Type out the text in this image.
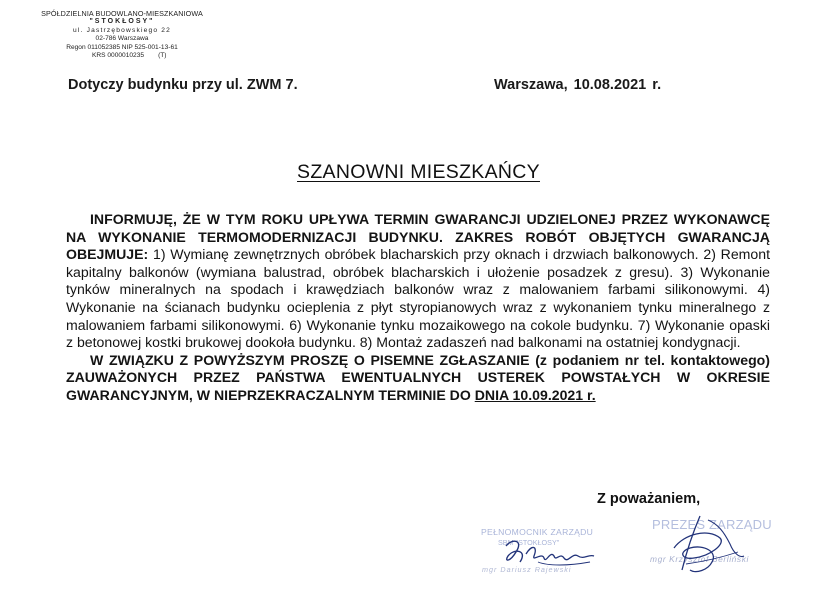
SPÓŁDZIELNIA BUDOWLANO-MIESZKANIOWA
"STOKŁOSY"
ul. Jastrzębowskiego 22
02-786 Warszawa
Regon 011052385 NIP 525-001-13-61
KRS 0000010235 (T)
Dotyczy budynku przy ul. ZWM 7.	Warszawa, 10.08.2021 r.
SZANOWNI MIESZKAŃCY

INFORMUJĘ, ŻE W TYM ROKU UPŁYWA TERMIN GWARANCJI UDZIELONEJ PRZEZ WYKONAWCĘ NA WYKONANIE TERMOMODERNIZACJI BUDYNKU. ZAKRES ROBÓT OBJĘTYCH GWARANCJĄ OBEJMUJE: 1) Wymianę zewnętrznych obróbek blacharskich przy oknach i drzwiach balkonowych. 2) Remont kapitalny balkonów (wymiana balustrad, obróbek blacharskich i ułożenie posadzek z gresu). 3) Wykonanie tynków mineralnych na spodach i krawędziach balkonów wraz z malowaniem farbami silikonowymi. 4) Wykonanie na ścianach budynku ocieplenia z płyt styropianowych wraz z wykonaniem tynku mineralnego z malowaniem farbami silikonowymi. 6) Wykonanie tynku mozaikowego na cokole budynku. 7) Wykonanie opaski z betonowej kostki brukowej dookoła budynku. 8) Montaż zadaszeń nad balkonami na ostatniej kondygnacji.

W ZWIĄZKU Z POWYŻSZYM PROSZĘ O PISEMNE ZGŁASZANIE (z podaniem nr tel. kontaktowego) ZAUWAŻONYCH PRZEZ PAŃSTWA EWENTUALNYCH USTEREK POWSTAŁYCH W OKRESIE GWARANCYJNYM, W NIEPRZEKRACZALNYM TERMINIE DO DNIA 10.09.2021 r.

Z poważaniem,
PEŁNOMOCNIK ZARZĄDU
SBM "STOKŁOSY"
mgr Dariusz Rajewski
PREZES ZARZĄDU
mgr Krzysztof Berliński
